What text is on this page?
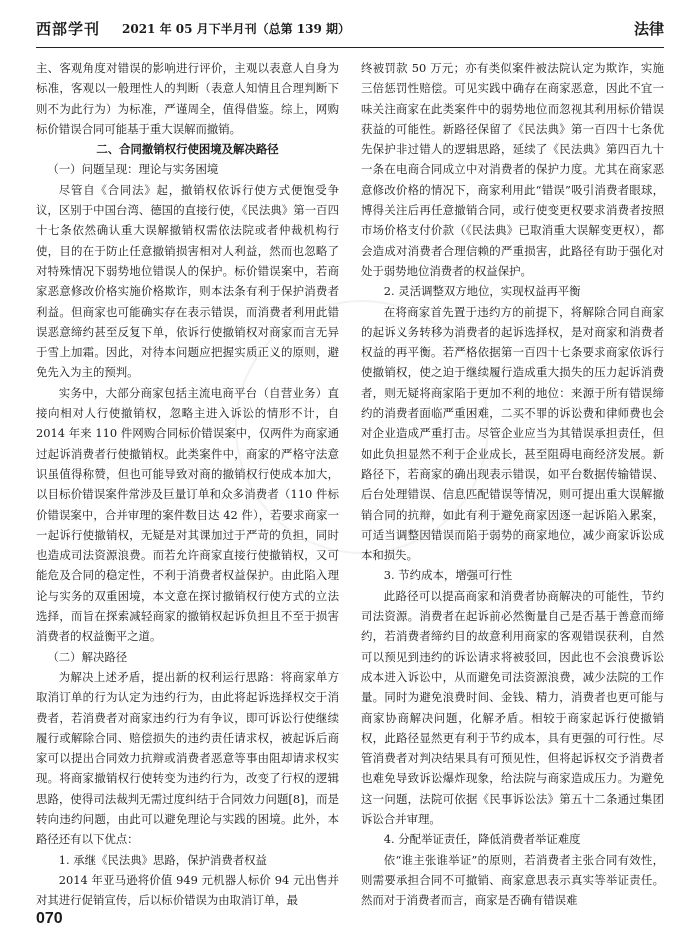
西部学刊 2021 年 05 月下半月刊（总第 139 期）	法律

主、客观角度对错误的影响进行评价，主观以表意人自身为标准，客观以一般理性人的判断（表意人知情且合理判断下则不为此行为）为标准，严谨周全，值得借鉴。综上，网购标价错误合同可能基于重大误解而撤销。

二、合同撤销权行使困境及解决路径

（一）问题呈现：理论与实务困境

尽管自《合同法》起，撤销权依诉行使方式便饱受争议，区别于中国台湾、德国的直接行使，《民法典》第一百四十七条依然确认重大误解撤销权需依法院或者仲裁机构行使，目的在于防止任意撤销损害相对人利益，然而也忽略了对特殊情况下弱势地位错误人的保护。标价错误案中，若商家恶意修改价格实施价格欺诈，则本法条有利于保护消费者利益。但商家也可能确实存在表示错误，而消费者利用此错误恶意缔约甚至反复下单，依诉行使撤销权对商家而言无异于雪上加霜。因此，对待本问题应把握实质正义的原则，避免先入为主的预判。

实务中，大部分商家包括主流电商平台（自营业务）直接向相对人行使撤销权，忽略主进入诉讼的情形不计，自 2014 年来 110 件网购合同标价错误案中，仅两件为商家通过起诉消费者行使撤销权。此类案件中，商家的严格守法意识虽值得称赞，但也可能导致对商的撤销权行使成本加大，以目标价错误案件常涉及巨量订单和众多消费者（110 件标价错误案中，合并审理的案件数目达 42 件），若要求商家一一起诉行使撤销权，无疑是对其课加过于严苛的负担，同时也造成司法资源浪费。而若允许商家直接行使撤销权，又可能危及合同的稳定性，不利于消费者权益保护。由此陷入理论与实务的双重困境，本文意在探讨撤销权行使方式的立法选择，而旨在探索减轻商家的撤销权起诉负担且不至于损害消费者的权益衡平之道。

（二）解决路径

为解决上述矛盾，提出新的权利运行思路：将商家单方取消订单的行为认定为违约行为，由此将起诉选择权交于消费者，若消费者对商家违约行为有争议，即可诉讼行使继续履行或解除合同、赔偿损失的违约责任请求权，被起诉后商家可以提出合同效力抗辩或消费者恶意等事由阻却请求权实现。将商家撤销权行使转变为违约行为，改变了行权的逻辑思路，使得司法裁判无需过度纠结于合同效力问题[8]，而是转向违约问题，由此可以避免理论与实践的困境。此外，本路径还有以下优点：

1. 承继《民法典》思路，保护消费者权益

2014 年亚马逊将价值 949 元机器人标价 94 元出售并对其进行促销宣传，后以标价错误为由取消订单，最

终被罚款 50 万元；亦有类似案件被法院认定为欺诈，实施三倍惩罚性赔偿。可见实践中确存在商家恶意，因此不宜一味关注商家在此类案件中的弱势地位而忽视其利用标价错误获益的可能性。新路径保留了《民法典》第一百四十七条优先保护非过错人的逻辑思路，延续了《民法典》第四百九十一条在电商合同成立中对消费者的保护力度。尤其在商家恶意修改价格的情况下，商家利用此“错误”吸引消费者眼球，博得关注后再任意撤销合同，或行使变更权要求消费者按照市场价格支付价款（《民法典》已取消重大误解变更权），都会造成对消费者合理信赖的严重损害，此路径有助于强化对处于弱势地位消费者的权益保护。

2. 灵活调整双方地位，实现权益再平衡

在将商家首先置于违约方的前提下，将解除合同自商家的起诉义务转移为消费者的起诉选择权，是对商家和消费者权益的再平衡。若严格依据第一百四十七条要求商家依诉行使撤销权，使之迫于继续履行造成重大损失的压力起诉消费者，则无疑将商家陷于更加不利的地位：来源于所有错误缔约的消费者面临严重困难，二买不罪的诉讼费和律师费也会对企业造成严重打击。尽管企业应当为其错误承担责任，但如此负担显然不利于企业成长，甚至阻碍电商经济发展。新路径下，若商家的确出现表示错误，如平台数据传输错误、后台处理错误、信息匹配错误等情况，则可提出重大误解撤销合同的抗辩，如此有利于避免商家因逐一起诉陷入累案，可适当调整因错误而陷于弱势的商家地位，减少商家诉讼成本和损失。

3. 节约成本，增强可行性

此路径可以提高商家和消费者协商解决的可能性，节约司法资源。消费者在起诉前必然衡量自己是否基于善意而缔约，若消费者缔约目的故意利用商家的客观错误获利，自然可以预见到违约的诉讼请求将被驳回，因此也不会浪费诉讼成本进入诉讼中，从而避免司法资源浪费，减少法院的工作量。同时为避免浪费时间、金钱、精力，消费者也更可能与商家协商解决问题，化解矛盾。相较于商家起诉行使撤销权，此路径显然更有利于节约成本，具有更强的可行性。尽管消费者对判决结果具有可预见性，但将起诉权交予消费者也难免导致诉讼爆炸现象，给法院与商家造成压力。为避免这一问题，法院可依据《民事诉讼法》第五十二条通过集团诉讼合并审理。

4. 分配举证责任，降低消费者举证难度

依“谁主张谁举证”的原则，若消费者主张合同有效性，则需要承担合同不可撤销、商家意思表示真实等举证责任。然而对于消费者而言，商家是否确有错误难

070
